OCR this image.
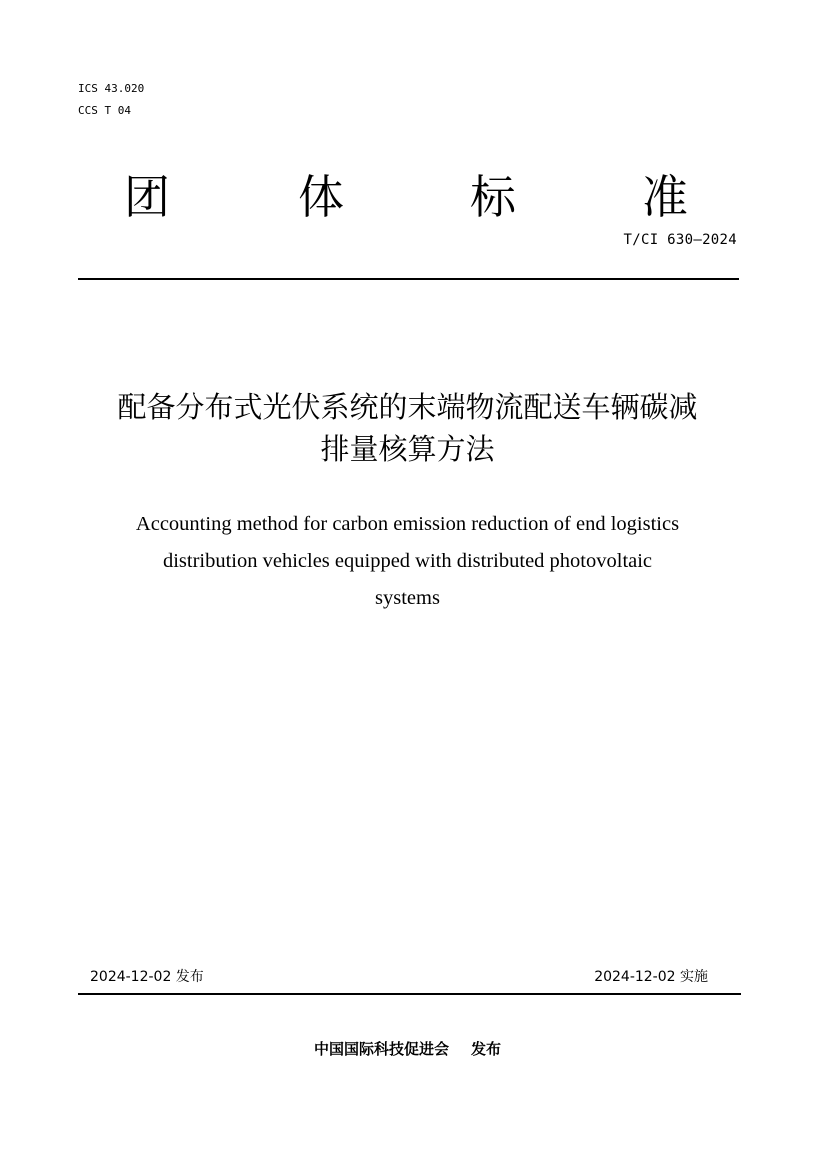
ICS 43.020
CCS T 04
团	体	标	准
T/CI 630—2024
配备分布式光伏系统的末端物流配送车辆碳减
排量核算方法
Accounting method for carbon emission reduction of end logistics
distribution vehicles equipped with distributed photovoltaic
systems
2024-12-02 发布	2024-12-02 实施
中国国际科技促进会 发布
